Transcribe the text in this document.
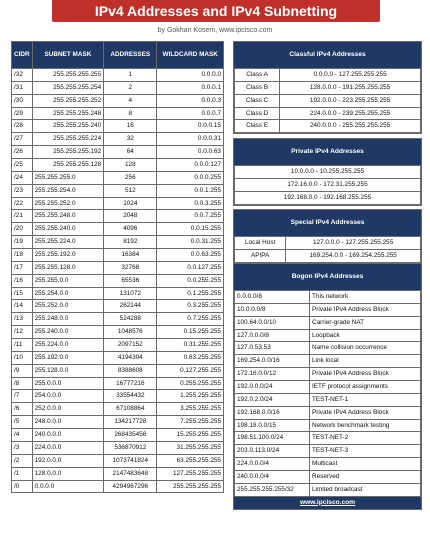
IPv4 Addresses and IPv4 Subnetting
by Gokhan Kosem, www.ipcisco.com
CIDR	SUBNET MASK	ADDRESSES	WILDCARD MASK
/32	255.255.255.255	1	0.0.0.0
/31	255.255.255.254	2	0.0.0.1
/30	255.255.255.252	4	0.0.0.3
/29	255.255.255.248	8	0.0.0.7
/28	255.255.255.240	16	0.0.0.15
/27	255.255.255.224	32	0.0.0.31
/26	255.255.255.192	64	0.0.0.63
/25	255.255.255.128	128	0.0.0.127
/24	255.255.255.0	256	0.0.0.255
/23	255.255.254.0	512	0.0.1.255
/22	255.255.252.0	1024	0.0.3.255
/21	255.255.248.0	2048	0.0.7.255
/20	255.255.240.0	4096	0.0.15.255
/19	255.255.224.0	8192	0.0.31.255
/18	255.255.192.0	16384	0.0.63.255
/17	255.255.128.0	32768	0.0.127.255
/16	255.255.0.0	65536	0.0.255.255
/15	255.254.0.0	131072	0.1.255.255
/14	255.252.0.0	262144	0.3.255.255
/13	255.248.0.0	524288	0.7.255.255
/12	255.240.0.0	1048576	0.15.255.255
/11	255.224.0.0	2097152	0.31.255.255
/10	255.192.0.0	4194304	0.63.255.255
/9	255.128.0.0	8388608	0.127.255.255
/8	255.0.0.0	16777216	0.255.255.255
/7	254.0.0.0	33554432	1.255.255.255
/6	252.0.0.0	67108864	3.255.255.255
/5	248.0.0.0	134217728	7.255.255.255
/4	240.0.0.0	268435456	15.255.255.255
/3	224.0.0.0	536870912	31.255.255.255
/2	192.0.0.0	1073741824	63.255.255.255
/1	128.0.0.0	2147483648	127.255.255.255
/0	0.0.0.0	4294967296	255.255.255.255
Classful IPv4 Addresses
Class A	0.0.0.0 - 127.255.255.255
Class B	128.0.0.0 - 191.255.255.255
Class C	192.0.0.0 - 223.255.255.255
Class D	224.0.0.0 - 239.255.255.255
Class E	240.0.0.0 - 255.255.255.255
Private IPv4 Addresses
10.0.0.0 - 10.255.255.255
172.16.0.0 - 172.31.255.255
192.168.0.0 - 192.168.255.255
Special IPv4 Addresses
Local Host	127.0.0.0 - 127.255.255.255
APIPA	169.254.0.0 - 169.254.255.255
Bogon IPv4 Addresses
0.0.0.0/8	This network
10.0.0.0/8	Private IPv4 Address Block
100.64.0.0/10	Carrier-grade NAT
127.0.0.0/8	Loopback
127.0.53.53	Name collision occurrence
169.254.0.0/16	Link local
172.16.0.0/12	Private IPv4 Address Block
192.0.0.0/24	IETF protocol assignments
192.0.2.0/24	TEST-NET-1
192.168.0.0/16	Private IPv4 Address Block
198.18.0.0/15	Network benchmark testing
198.51.100.0/24	TEST-NET-2
203.0.113.0/24	TEST-NET-3
224.0.0.0/4	Multicast
240.0.0.0/4	Reserved
255.255.255.255/32	Limited broadcast
www.ipcisco.com
